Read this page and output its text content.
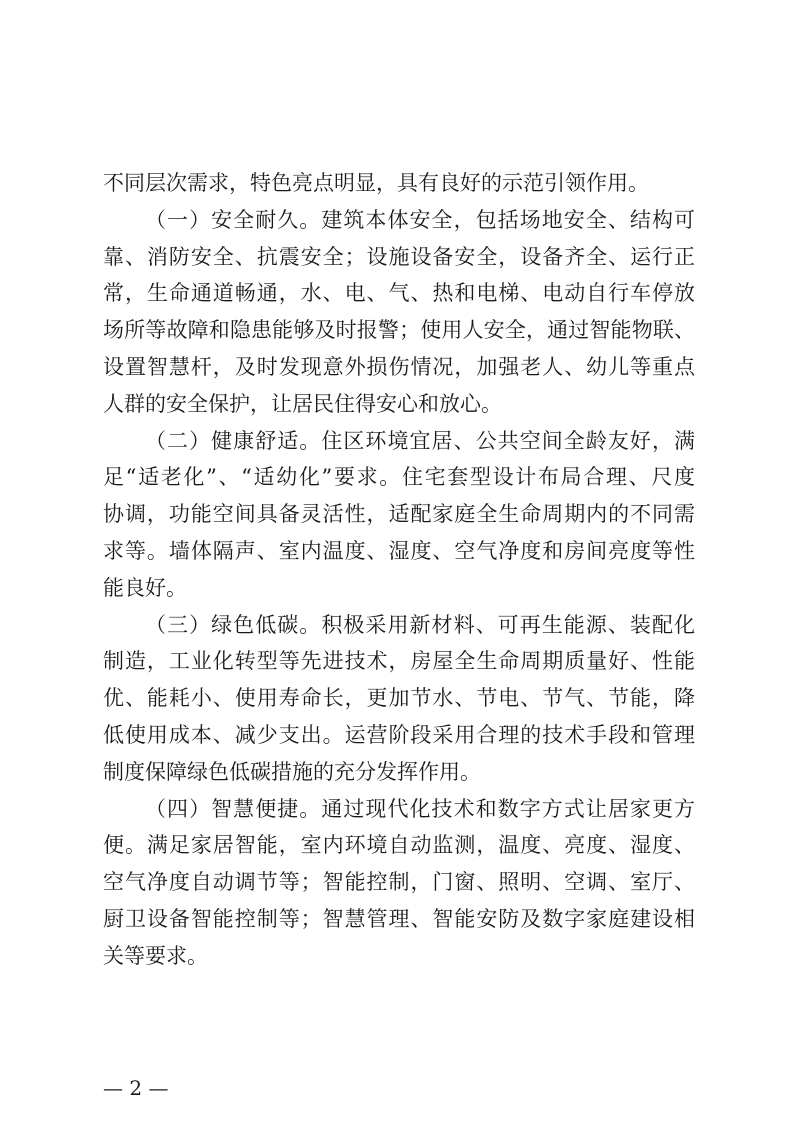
不同层次需求，特色亮点明显，具有良好的示范引领作用。
（一）安全耐久。建筑本体安全，包括场地安全、结构可
靠、消防安全、抗震安全；设施设备安全，设备齐全、运行正
常，生命通道畅通，水、电、气、热和电梯、电动自行车停放
场所等故障和隐患能够及时报警；使用人安全，通过智能物联、
设置智慧杆，及时发现意外损伤情况，加强老人、幼儿等重点
人群的安全保护，让居民住得安心和放心。
（二）健康舒适。住区环境宜居、公共空间全龄友好，满
足“适老化”、“适幼化”要求。住宅套型设计布局合理、尺度
协调，功能空间具备灵活性，适配家庭全生命周期内的不同需
求等。墙体隔声、室内温度、湿度、空气净度和房间亮度等性
能良好。
（三）绿色低碳。积极采用新材料、可再生能源、装配化
制造，工业化转型等先进技术，房屋全生命周期质量好、性能
优、能耗小、使用寿命长，更加节水、节电、节气、节能，降
低使用成本、减少支出。运营阶段采用合理的技术手段和管理
制度保障绿色低碳措施的充分发挥作用。
（四）智慧便捷。通过现代化技术和数字方式让居家更方
便。满足家居智能，室内环境自动监测，温度、亮度、湿度、
空气净度自动调节等；智能控制，门窗、照明、空调、室厅、
厨卫设备智能控制等；智慧管理、智能安防及数字家庭建设相
关等要求。
— 2 —
